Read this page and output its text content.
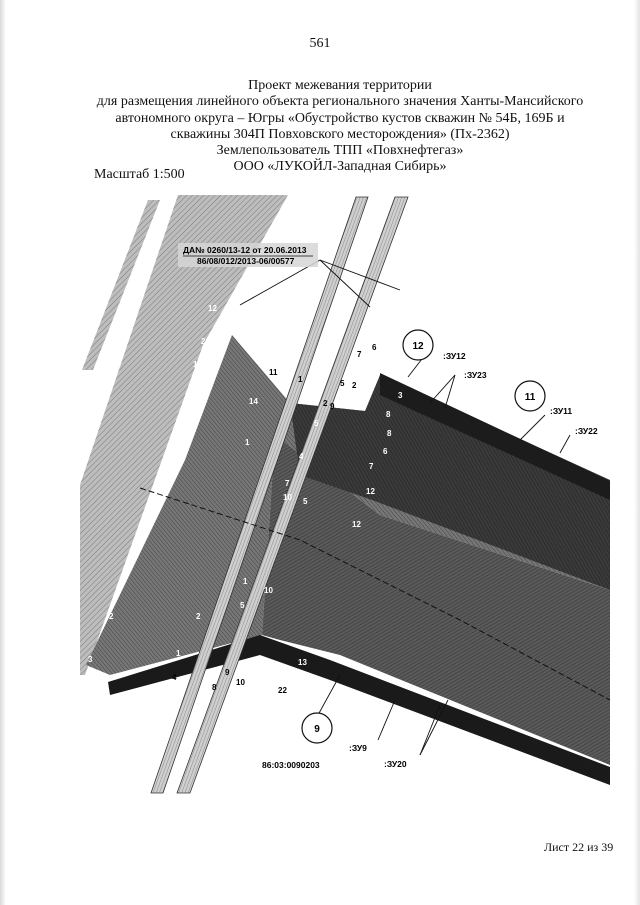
561
Проект межевания территории
для размещения линейного объекта регионального значения Ханты-Мансийского
автономного округа – Югры «Обустройство кустов скважин № 54Б, 169Б и
скважины 304П Повховского месторождения» (Пх-2362)
Землепользователь ТПП «Повхнефтегаз»
ООО «ЛУКОЙЛ-Западная Сибирь»
Масштаб 1:500
4
8
9
10
22
11
2 9
5 2
7
6
1
12
2
13
14
1
5
4
7
10 5
3
8
8
6
7
12
12
2
1
10
5
2
3
1
13
ДА№ 0260/13-12 от 20.06.2013
86/08/012/2013-06/00577
12
:ЗУ12
:ЗУ23
11
:ЗУ11
:ЗУ22
9
:ЗУ9
:ЗУ20
86:03:0090203
Лист 22 из 39
